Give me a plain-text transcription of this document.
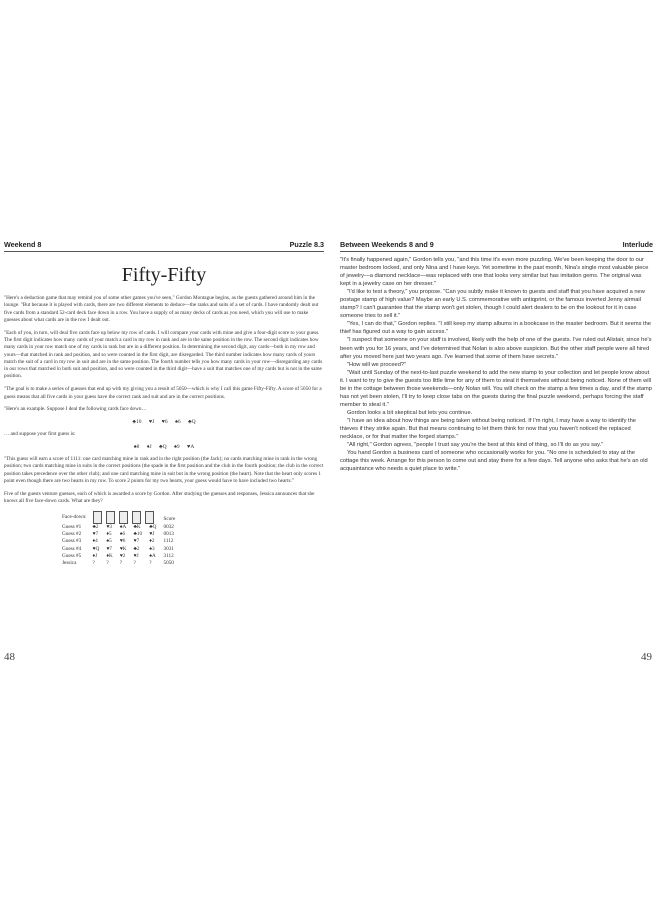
Weekend 8	Puzzle 8.3
Fifty-Fifty

"Here's a deduction game that may remind you of some other games you've seen," Gordon Montague begins, as the guests gathered around him in the lounge. "But because it is played with cards, there are two different elements to deduce—the ranks and suits of a set of cards. I have randomly dealt out five cards from a standard 52-card deck face down in a row. You have a supply of as many decks of cards as you need, which you will use to make guesses about what cards are in the row I dealt out.

"Each of you, in turn, will deal five cards face up below my row of cards. I will compare your cards with mine and give a four-digit score to your guess. The first digit indicates how many cards of your match a card in my row in rank and are in the same position in the row. The second digit indicates how many cards in your row match one of my cards in rank but are in a different position. In determining the second digit, any cards—both in my row and yours—that matched in rank and position, and so were counted in the first digit, are disregarded. The third number indicates how many cards of yours match the suit of a card in my row in suit and are in the same position. The fourth number tells you how many cards in your row—disregarding any cards in our rows that matched in both suit and position, and so were counted in the third digit—have a suit that matches one of my cards but is not in the same position.

"The goal is to make a series of guesses that end up with my giving you a result of 5050—which is why I call this game Fifty-Fifty. A score of 5050 for a guess means that all five cards in your guess have the correct rank and suit and are in the correct positions.

"Here's an example. Suppose I deal the following cards face down…

♣10 ♥J ♥6 ♠6 ♣Q

… and suppose your first guess is:

♠8 ♦J ♣Q ♠9 ♥A

"This guess will earn a score of 1111: one card matching mine in rank and in the right position (the Jack); no cards matching mine in rank in the wrong position; two cards matching mine in suits in the correct positions (the spade in the first position and the club in the fourth position; the club in the correct position takes precedence over the other club); and one card matching mine in suit but in the wrong position (the heart). Note that the heart only scores 1 point even though there are two hearts in my row. To score 2 points for my two hearts, your guess would have to have included two hearts."

Five of the guests venture guesses, each of which is awarded a score by Gordon. After studying the guesses and responses, Jessica announces that she knows all five face-down cards. What are they?

Face-down:						Score
Guess #1	♣2	♥3	♠A	♣K	♣Q	0032
Guess #2	♥7	♦5	♠6	♣10	♥J	0013
Guess #3	♦4	♠5	♥6	♥7	♦2	1112
Guess #4	♥Q	♥7	♥K	♣2	♠3	3031
Guess #5	♦J	♦K	♥2	♥J	♠A	3112
Jessica	?	?	?	?	?	5050
48
Between Weekends 8 and 9	Interlude

"It's finally happened again," Gordon tells you, "and this time it's even more puzzling. We've been keeping the door to our master bedroom locked, and only Nina and I have keys. Yet sometime in the past month, Nina's single most valuable piece of jewelry—a diamond necklace—was replaced with one that looks very similar but has imitation gems. The original was kept in a jewelry case on her dresser."

"I'd like to test a theory," you propose. "Can you subtly make it known to guests and staff that you have acquired a new postage stamp of high value? Maybe an early U.S. commemorative with antiqprint, or the famous inverted Jenny airmail stamp? I can't guarantee that the stamp won't get stolen, though I could alert dealers to be on the lookout for it in case someone tries to sell it."

"Yes, I can do that," Gordon replies. "I still keep my stamp albums in a bookcase in the master bedroom. But it seems the thief has figured out a way to gain access."

"I suspect that someone on your staff is involved, likely with the help of one of the guests. I've ruled out Alistair, since he's been with you for 16 years, and I've determined that Nolan is also above suspicion. But the other staff people were all hired after you moved here just two years ago. I've learned that some of them have secrets."

"How will we proceed?"

"Wait until Sunday of the next-to-last puzzle weekend to add the new stamp to your collection and let people know about it. I want to try to give the guests too little time for any of them to steal it themselves without being noticed. None of them will be in the cottage between those weekends—only Nolan will. You will check on the stamp a few times a day, and if the stamp has not yet been stolen, I'll try to keep close tabs on the guests during the final puzzle weekend, perhaps forcing the staff member to steal it."

Gordon looks a bit skeptical but lets you continue.

"I have an idea about how things are being taken without being noticed. If I'm right, I may have a way to identify the thieves if they strike again. But that means continuing to let them think for now that you haven't noticed the replaced necklace, or for that matter the forged stamps."

"All right," Gordon agrees, "people I trust say you're the best at this kind of thing, so I'll do as you say."

You hand Gordon a business card of someone who occasionally works for you. "No one is scheduled to stay at the cottage this week. Arrange for this person to come out and stay there for a few days. Tell anyone who asks that he's an old acquaintance who needs a quiet place to write."

49
